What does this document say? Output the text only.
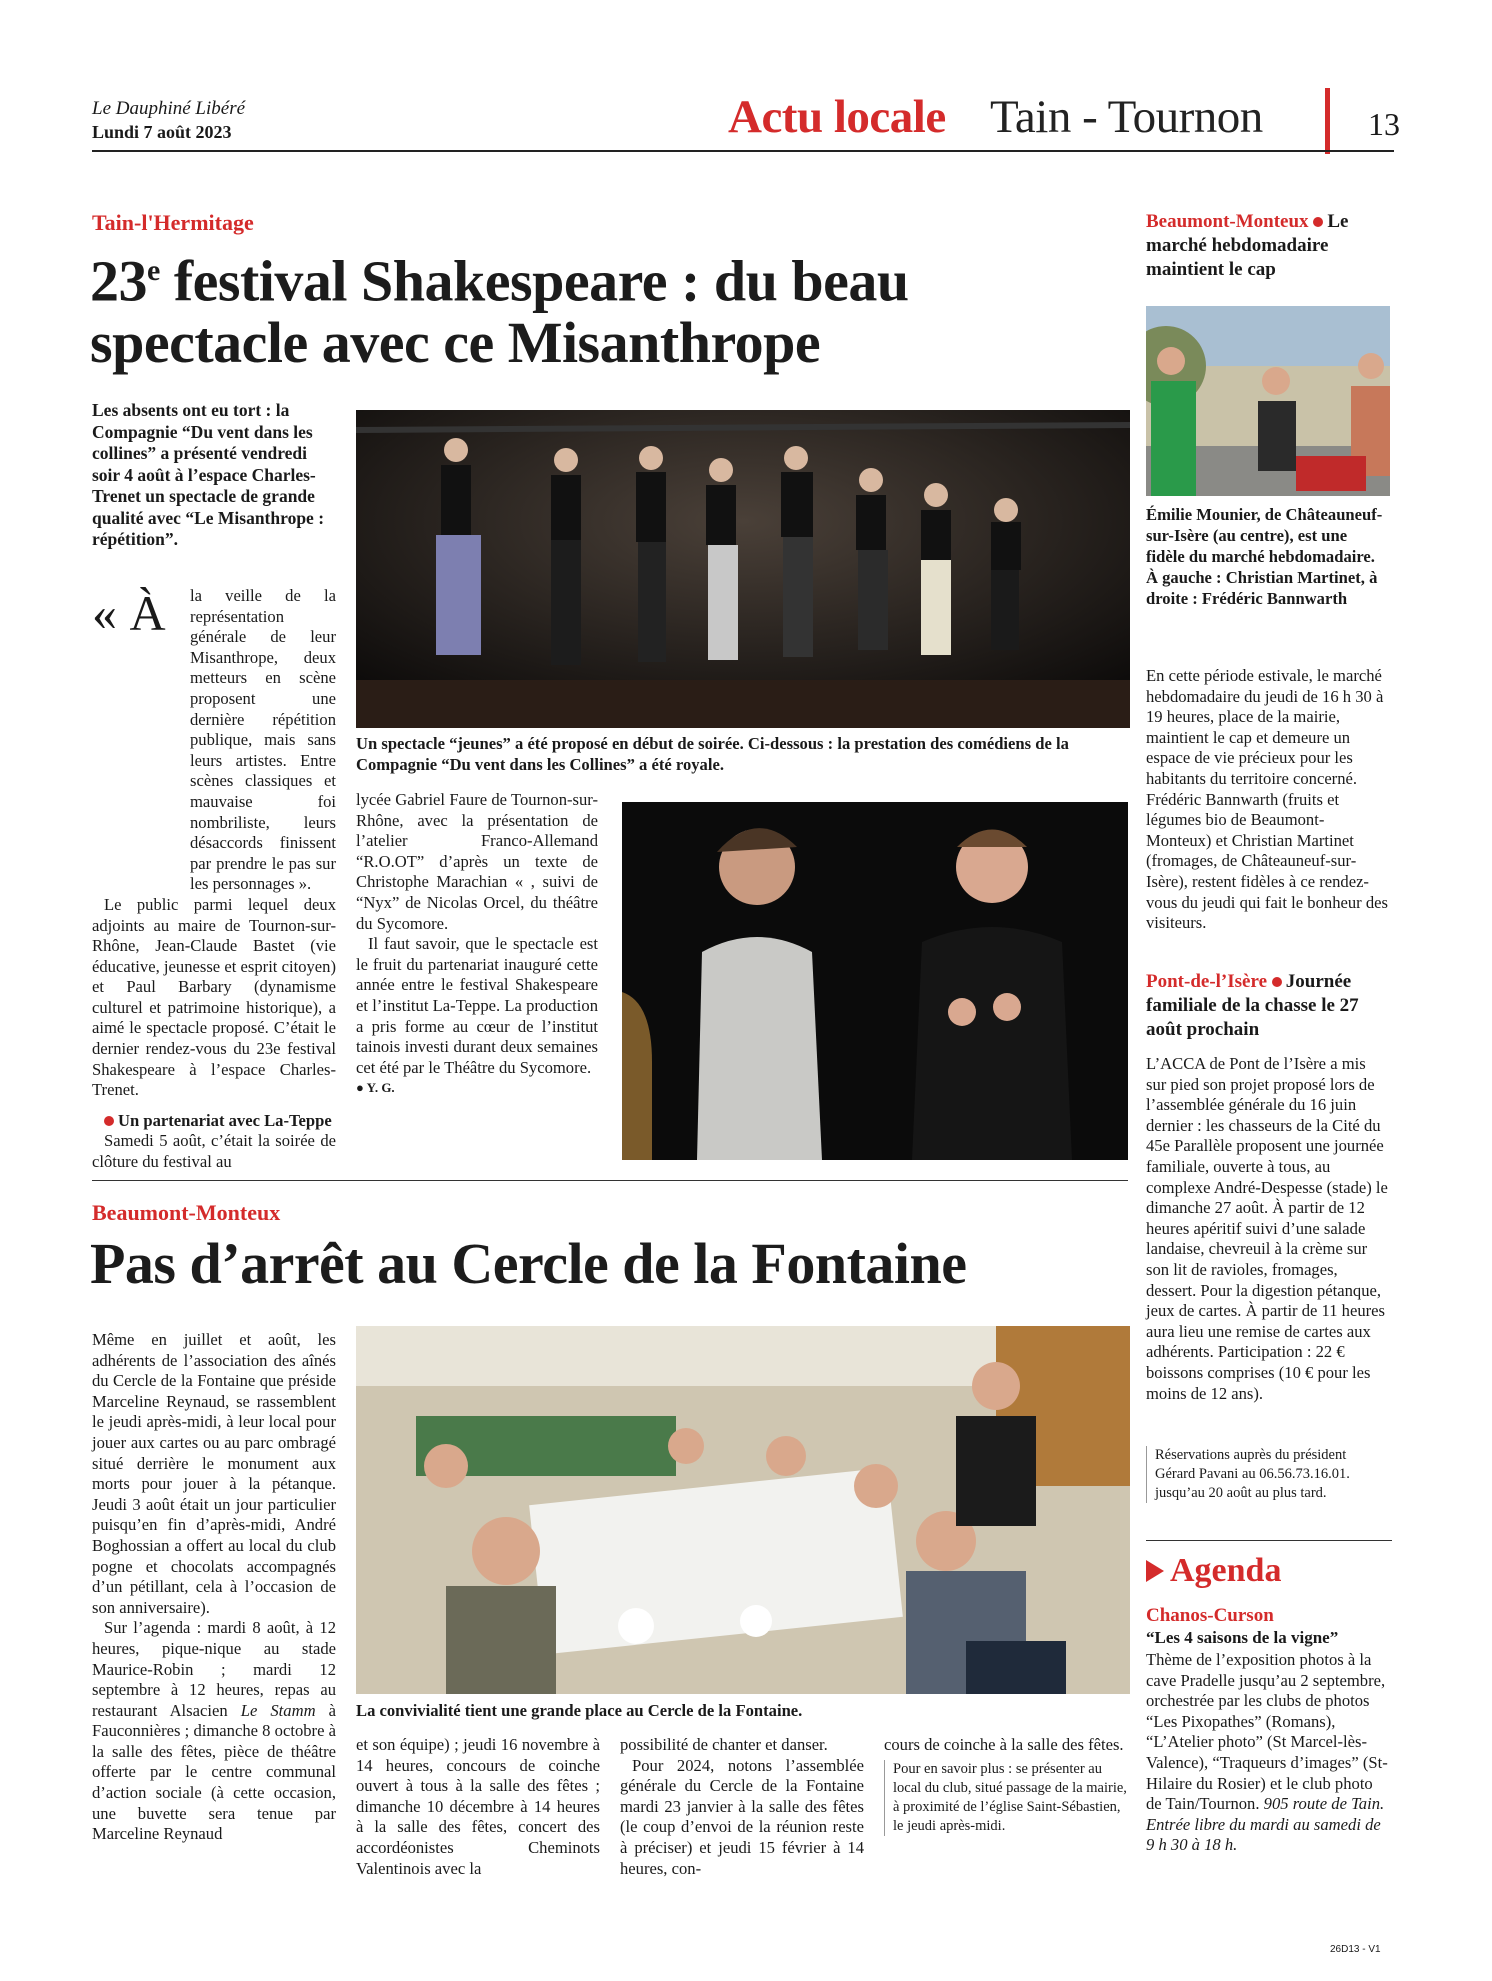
Le Dauphiné Libéré
Lundi 7 août 2023	Actu locale Tain - Tournon	13
Tain-l'Hermitage
23e festival Shakespeare : du beau
spectacle avec ce Misanthrope
Les absents ont eu tort : la Compagnie “Du vent dans les collines” a présenté vendredi soir 4 août à l’espace Charles-Trenet un spectacle de grande qualité avec “Le Misanthrope : répétition”.
« À	la veille de la représentation générale de leur Misanthrope, deux metteurs en scène proposent une dernière répétition publique, mais sans leurs artistes. Entre scènes classiques et mauvaise foi nombriliste, leurs désaccords finissent par prendre le pas sur les personnages ».

Le public parmi lequel deux adjoints au maire de Tournon-sur-Rhône, Jean-Claude Bastet (vie éducative, jeunesse et esprit citoyen) et Paul Barbary (dynamisme culturel et patrimoine historique), a aimé le spectacle proposé. C’était le dernier rendez-vous du 23e festival Shakespeare à l’espace Charles-Trenet.

Un partenariat avec La-Teppe

Samedi 5 août, c’était la soirée de clôture du festival au

Un spectacle “jeunes” a été proposé en début de soirée. Ci-dessous : la prestation des comédiens de la Compagnie “Du vent dans les Collines” a été royale.

lycée Gabriel Faure de Tournon-sur-Rhône, avec la présentation de l’atelier Franco-Allemand “R.O.OT” d’après un texte de Christophe Marachian « , suivi de “Nyx” de Nicolas Orcel, du théâtre du Sycomore.

Il faut savoir, que le spectacle est le fruit du partenariat inauguré cette année entre le festival Shakespeare et l’institut La-Teppe. La production a pris forme au cœur de l’institut tainois investi durant deux semaines cet été par le Théâtre du Sycomore.

● Y. G.
Beaumont-Monteux
Pas d’arrêt au Cercle de la Fontaine

Même en juillet et août, les adhérents de l’association des aînés du Cercle de la Fontaine que préside Marceline Reynaud, se rassemblent le jeudi après-midi, à leur local pour jouer aux cartes ou au parc ombragé situé derrière le monument aux morts pour jouer à la pétanque. Jeudi 3 août était un jour particulier puisqu’en fin d’après-midi, André Boghossian a offert au local du club pogne et chocolats accompagnés d’un pétillant, cela à l’occasion de son anniversaire).

Sur l’agenda : mardi 8 août, à 12 heures, pique-nique au stade Maurice-Robin ; mardi 12 septembre à 12 heures, repas au restaurant Alsacien Le Stamm à Fauconnières ; dimanche 8 octobre à la salle des fêtes, pièce de théâtre offerte par le centre communal d’action sociale (à cette occasion, une buvette sera tenue par Marceline Reynaud

La convivialité tient une grande place au Cercle de la Fontaine.
et son équipe) ; jeudi 16 novembre à 14 heures, concours de coinche ouvert à tous à la salle des fêtes ; dimanche 10 décembre à 14 heures à la salle des fêtes, concert des accordéonistes Cheminots Valentinois avec la

possibilité de chanter et danser.

Pour 2024, notons l’assemblée générale du Cercle de la Fontaine mardi 23 janvier à la salle des fêtes (le coup d’envoi de la réunion reste à préciser) et jeudi 15 février à 14 heures, con-

cours de coinche à la salle des fêtes.

Pour en savoir plus : se présenter au local du club, situé passage de la mairie, à proximité de l’église Saint-Sébastien, le jeudi après-midi.
Beaumont-Monteux Le marché hebdomadaire maintient le cap
Émilie Mounier, de Châteauneuf-sur-Isère (au centre), est une fidèle du marché hebdomadaire. À gauche : Christian Martinet, à droite : Frédéric Bannwarth
En cette période estivale, le marché hebdomadaire du jeudi de 16 h 30 à 19 heures, place de la mairie, maintient le cap et demeure un espace de vie précieux pour les habitants du territoire concerné. Frédéric Bannwarth (fruits et légumes bio de Beaumont-Monteux) et Christian Martinet (fromages, de Châteauneuf-sur-Isère), restent fidèles à ce rendez-vous du jeudi qui fait le bonheur des visiteurs.
Pont-de-l’Isère Journée familiale de la chasse le 27 août prochain
L’ACCA de Pont de l’Isère a mis sur pied son projet proposé lors de l’assemblée générale du 16 juin dernier : les chasseurs de la Cité du 45e Parallèle proposent une journée familiale, ouverte à tous, au complexe André-Despesse (stade) le dimanche 27 août. À partir de 12 heures apéritif suivi d’une salade landaise, chevreuil à la crème sur son lit de ravioles, fromages, dessert. Pour la digestion pétanque, jeux de cartes. À partir de 11 heures aura lieu une remise de cartes aux adhérents. Participation : 22 € boissons comprises (10 € pour les moins de 12 ans).
Réservations auprès du président Gérard Pavani au 06.56.73.16.01. jusqu’au 20 août au plus tard.
Agenda
Chanos-Curson
“Les 4 saisons de la vigne”
Thème de l’exposition photos à la cave Pradelle jusqu’au 2 septembre, orchestrée par les clubs de photos “Les Pixopathes” (Romans), “L’Atelier photo” (St Marcel-lès-Valence), “Traqueurs d’images” (St-Hilaire du Rosier) et le club photo de Tain/Tournon. 905 route de Tain. Entrée libre du mardi au samedi de 9 h 30 à 18 h.
26D13 - V1
